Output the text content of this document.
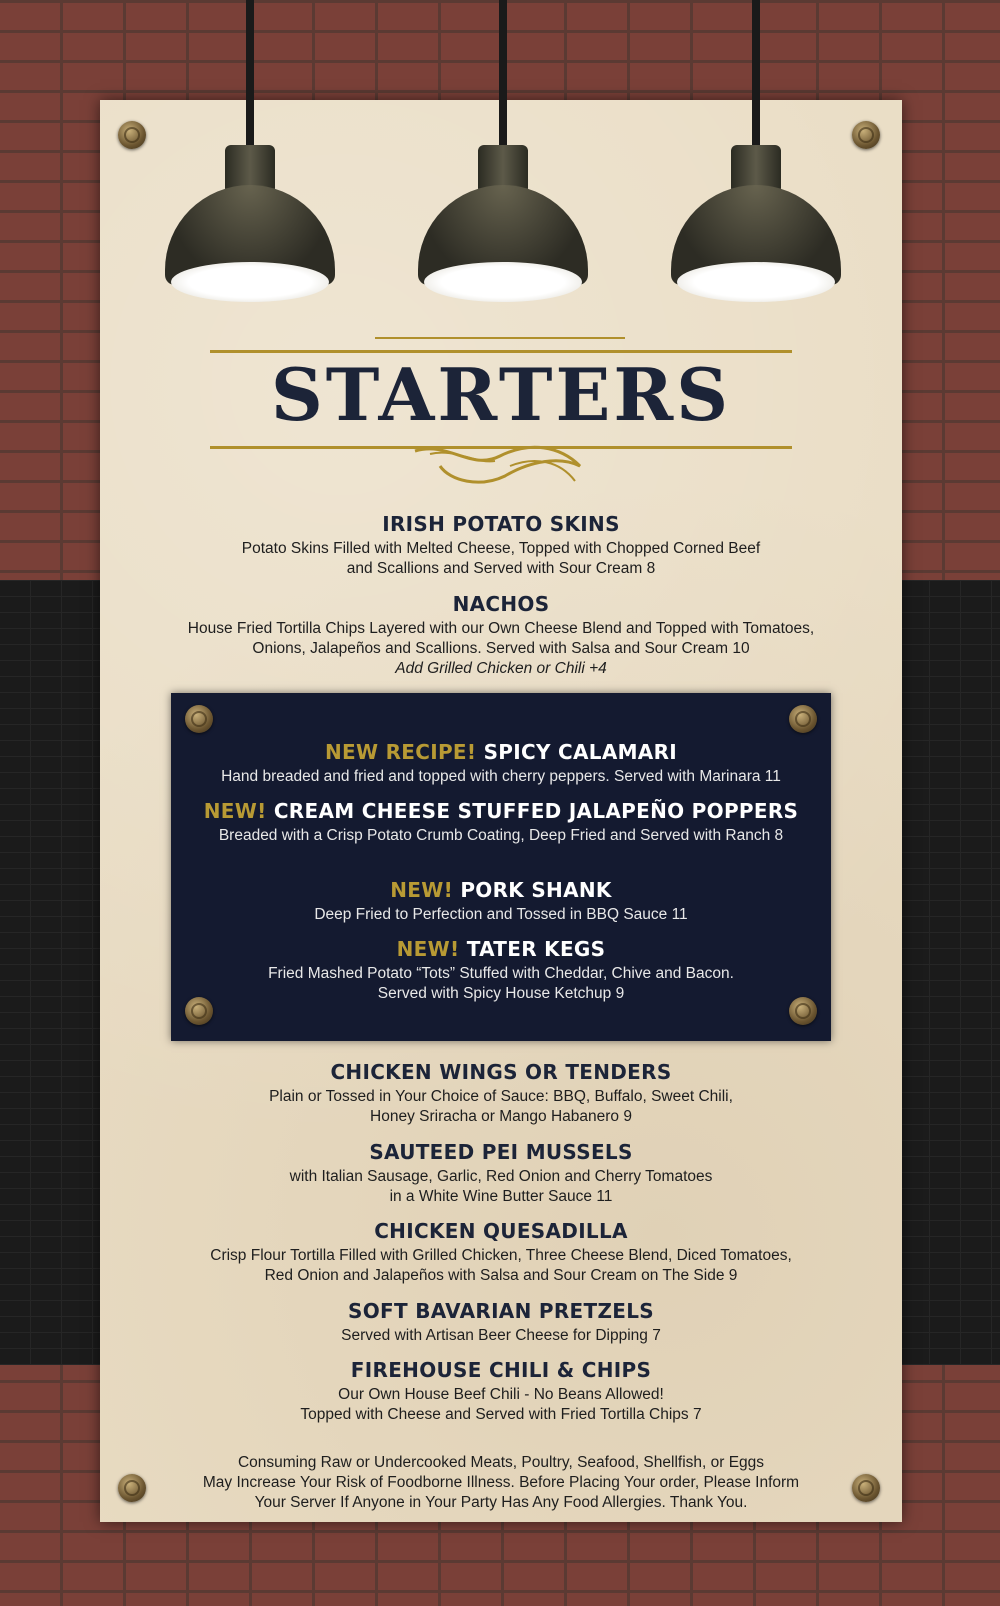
STARTERS
IRISH POTATO SKINS
Potato Skins Filled with Melted Cheese, Topped with Chopped Corned Beef
and Scallions and Served with Sour Cream 8
NACHOS
House Fried Tortilla Chips Layered with our Own Cheese Blend and Topped with Tomatoes,
Onions, Jalapeños and Scallions. Served with Salsa and Sour Cream 10
Add Grilled Chicken or Chili +4
NEW RECIPE! SPICY CALAMARI
Hand breaded and fried and topped with cherry peppers. Served with Marinara 11
NEW! CREAM CHEESE STUFFED JALAPEÑO POPPERS
Breaded with a Crisp Potato Crumb Coating, Deep Fried and Served with Ranch 8
NEW! PORK SHANK
Deep Fried to Perfection and Tossed in BBQ Sauce 11
NEW! TATER KEGS
Fried Mashed Potato “Tots” Stuffed with Cheddar, Chive and Bacon.
Served with Spicy House Ketchup 9
CHICKEN WINGS OR TENDERS
Plain or Tossed in Your Choice of Sauce: BBQ, Buffalo, Sweet Chili,
Honey Sriracha or Mango Habanero 9
SAUTEED PEI MUSSELS
with Italian Sausage, Garlic, Red Onion and Cherry Tomatoes
in a White Wine Butter Sauce 11
CHICKEN QUESADILLA
Crisp Flour Tortilla Filled with Grilled Chicken, Three Cheese Blend, Diced Tomatoes,
Red Onion and Jalapeños with Salsa and Sour Cream on The Side 9
SOFT BAVARIAN PRETZELS
Served with Artisan Beer Cheese for Dipping 7
FIREHOUSE CHILI & CHIPS
Our Own House Beef Chili - No Beans Allowed!
Topped with Cheese and Served with Fried Tortilla Chips 7
Consuming Raw or Undercooked Meats, Poultry, Seafood, Shellfish, or Eggs
May Increase Your Risk of Foodborne Illness. Before Placing Your order, Please Inform
Your Server If Anyone in Your Party Has Any Food Allergies. Thank You.
